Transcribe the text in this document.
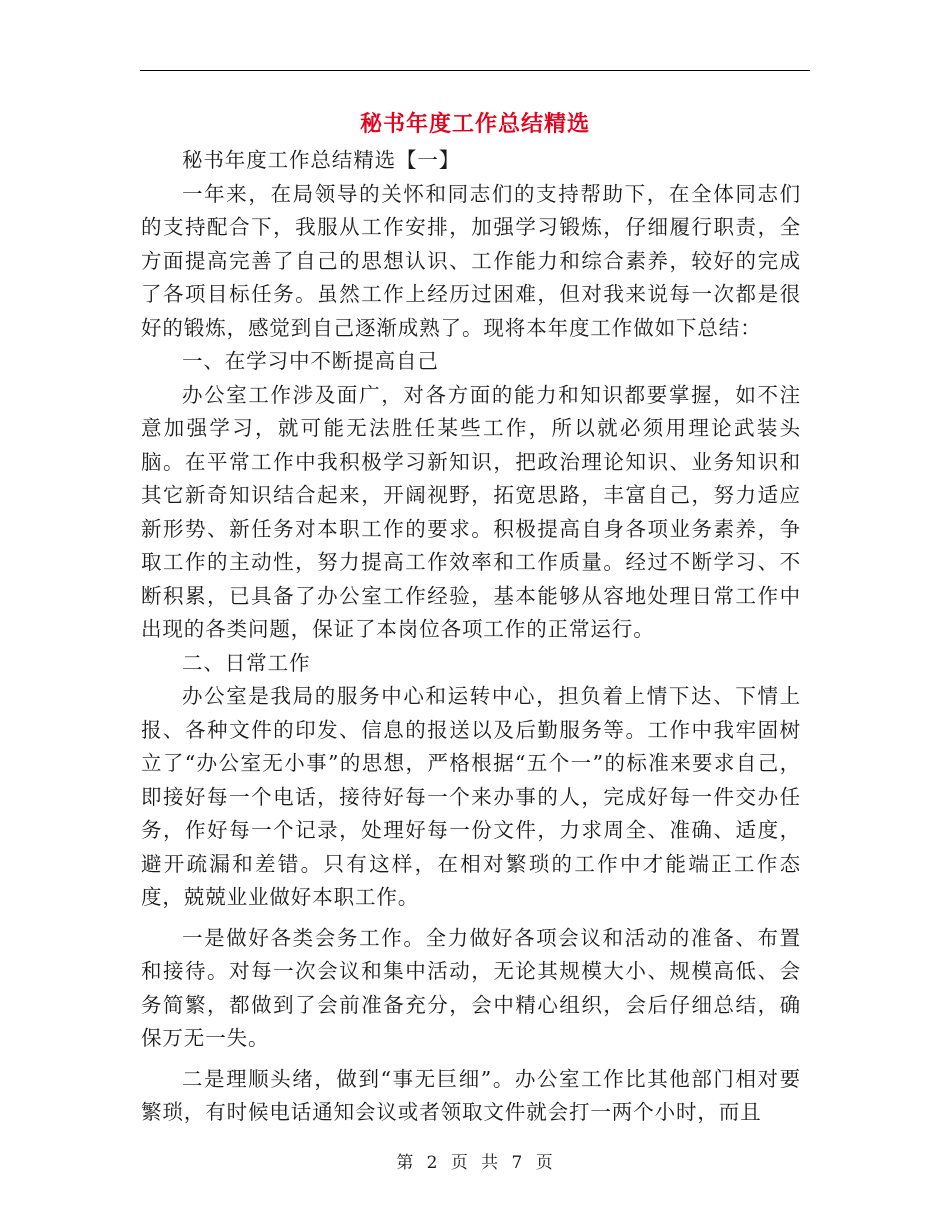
秘书年度工作总结精选

秘书年度工作总结精选【一】

一年来，在局领导的关怀和同志们的支持帮助下，在全体同志们的支持配合下，我服从工作安排，加强学习锻炼，仔细履行职责，全方面提高完善了自己的思想认识、工作能力和综合素养，较好的完成了各项目标任务。虽然工作上经历过困难，但对我来说每一次都是很好的锻炼，感觉到自己逐渐成熟了。现将本年度工作做如下总结：

一、在学习中不断提高自己

办公室工作涉及面广，对各方面的能力和知识都要掌握，如不注意加强学习，就可能无法胜任某些工作，所以就必须用理论武装头脑。在平常工作中我积极学习新知识，把政治理论知识、业务知识和其它新奇知识结合起来，开阔视野，拓宽思路，丰富自己，努力适应新形势、新任务对本职工作的要求。积极提高自身各项业务素养，争取工作的主动性，努力提高工作效率和工作质量。经过不断学习、不断积累，已具备了办公室工作经验，基本能够从容地处理日常工作中出现的各类问题，保证了本岗位各项工作的正常运行。

二、日常工作

办公室是我局的服务中心和运转中心，担负着上情下达、下情上报、各种文件的印发、信息的报送以及后勤服务等。工作中我牢固树立了“办公室无小事”的思想，严格根据“五个一”的标准来要求自己，即接好每一个电话，接待好每一个来办事的人，完成好每一件交办任务，作好每一个记录，处理好每一份文件，力求周全、准确、适度，避开疏漏和差错。只有这样，在相对繁琐的工作中才能端正工作态度，兢兢业业做好本职工作。

一是做好各类会务工作。全力做好各项会议和活动的准备、布置和接待。对每一次会议和集中活动，无论其规模大小、规模高低、会务简繁，都做到了会前准备充分，会中精心组织，会后仔细总结，确保万无一失。

二是理顺头绪，做到“事无巨细”。办公室工作比其他部门相对要繁琐，有时候电话通知会议或者领取文件就会打一两个小时，而且

第 2 页 共 7 页
